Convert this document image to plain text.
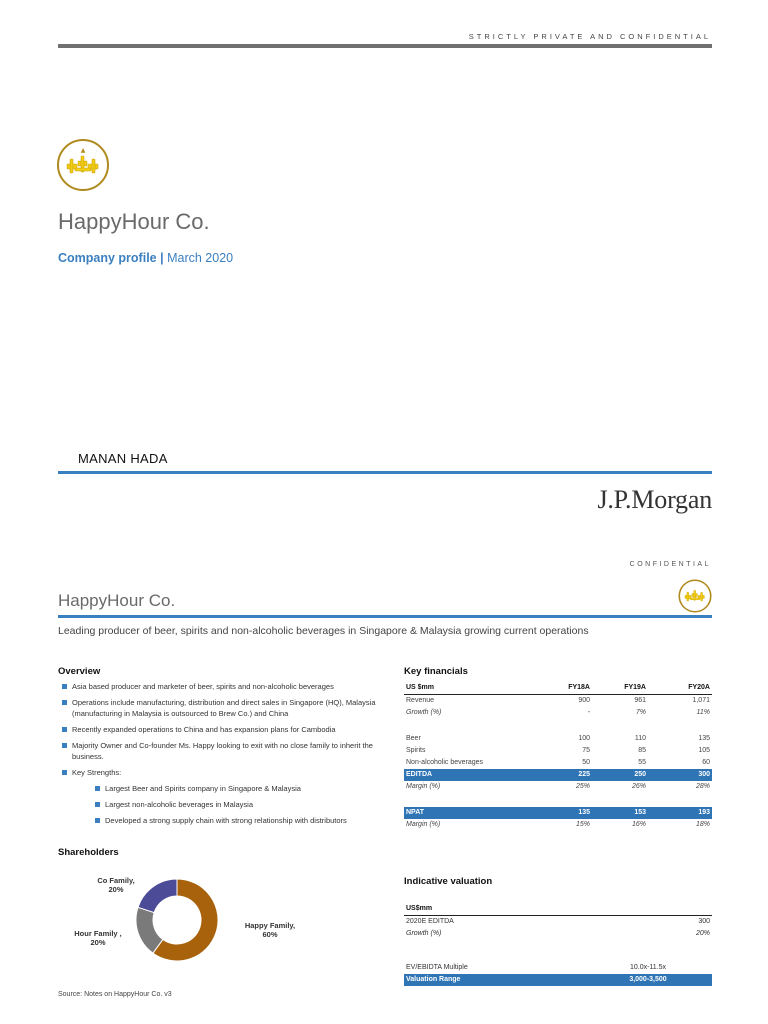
STRICTLY PRIVATE AND CONFIDENTIAL
▲
HappyHour Co.
Company profile | March 2020
MANAN HADA
J.P.Morgan
CONFIDENTIAL
HappyHour Co.
Leading producer of beer, spirits and non-alcoholic beverages in Singapore & Malaysia growing current operations
Overview
Asia based producer and marketer of beer, spirits and non-alcoholic beverages
Operations include manufacturing, distribution and direct sales in Singapore (HQ), Malaysia (manufacturing in Malaysia is outsourced to Brew Co.) and China
Recently expanded operations to China and has expansion plans for Cambodia
Majority Owner and Co-founder Ms. Happy looking to exit with no close family to inherit the business.
Key Strengths:
Largest Beer and Spirits company in Singapore & Malaysia
Largest non-alcoholic beverages in Malaysia
Developed a strong supply chain with strong relationship with distributors
Shareholders
Co Family,
20%
Hour Family ,
20%
Happy Family,
60%
Source: Notes on HappyHour Co. v3
Key financials
US $mm	FY18A	FY19A	FY20A
Revenue	900	961	1,071
Growth (%)	-	7%	11%

Beer	100	110	135
Spirits	75	85	105
Non-alcoholic beverages	50	55	60
EDITDA	225	250	300
Margin (%)	25%	26%	28%

NPAT	135	153	193
Margin (%)	15%	16%	18%
Indicative valuation
US$mm	
2020E EDITDA	300
Growth (%)	20%

EV/EBIDTA Multiple	10.0x-11.5x
Valuation Range	3,000-3,500
